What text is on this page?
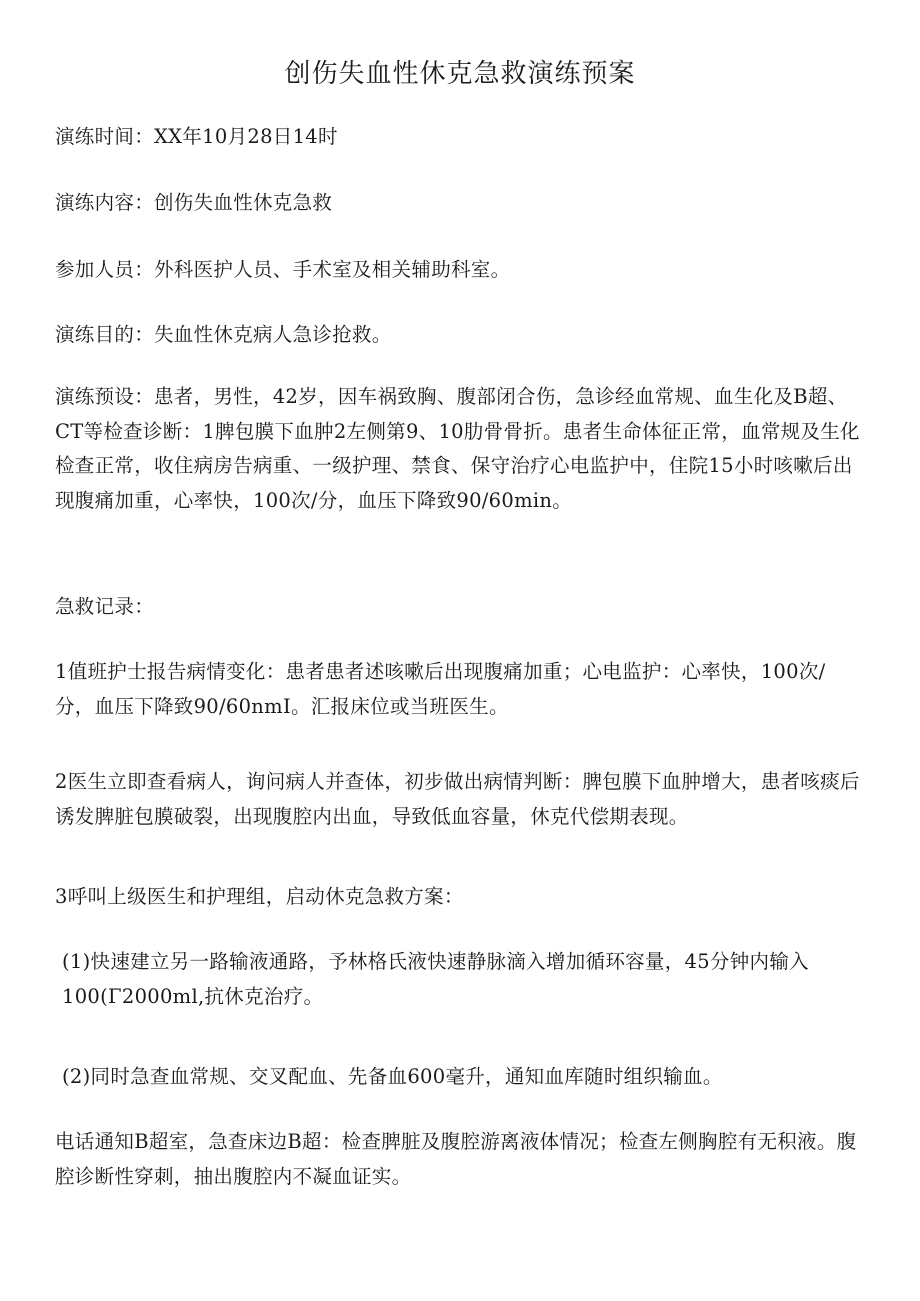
创伤失血性休克急救演练预案

演练时间：XX年10月28日14时

演练内容：创伤失血性休克急救

参加人员：外科医护人员、手术室及相关辅助科室。

演练目的：失血性休克病人急诊抢救。

演练预设：患者，男性，42岁，因车祸致胸、腹部闭合伤，急诊经血常规、血生化及B超、CT等检查诊断：1脾包膜下血肿2左侧第9、10肋骨骨折。患者生命体征正常，血常规及生化检查正常，收住病房告病重、一级护理、禁食、保守治疗心电监护中，住院15小时咳嗽后出现腹痛加重，心率快，100次/分，血压下降致90/60min。

急救记录：

1值班护士报告病情变化：患者患者述咳嗽后出现腹痛加重；心电监护：心率快，100次/分，血压下降致90/60nmI。汇报床位或当班医生。

2医生立即查看病人，询问病人并查体，初步做出病情判断：脾包膜下血肿增大，患者咳痰后诱发脾脏包膜破裂，出现腹腔内出血，导致低血容量，休克代偿期表现。

3呼叫上级医生和护理组，启动休克急救方案：

(1)快速建立另一路输液通路，予林格氏液快速静脉滴入增加循环容量，45分钟内输入100(Γ2000ml,抗休克治疗。

(2)同时急查血常规、交叉配血、先备血600毫升，通知血库随时组织输血。

电话通知B超室，急查床边B超：检查脾脏及腹腔游离液体情况；检查左侧胸腔有无积液。腹腔诊断性穿刺，抽出腹腔内不凝血证实。
